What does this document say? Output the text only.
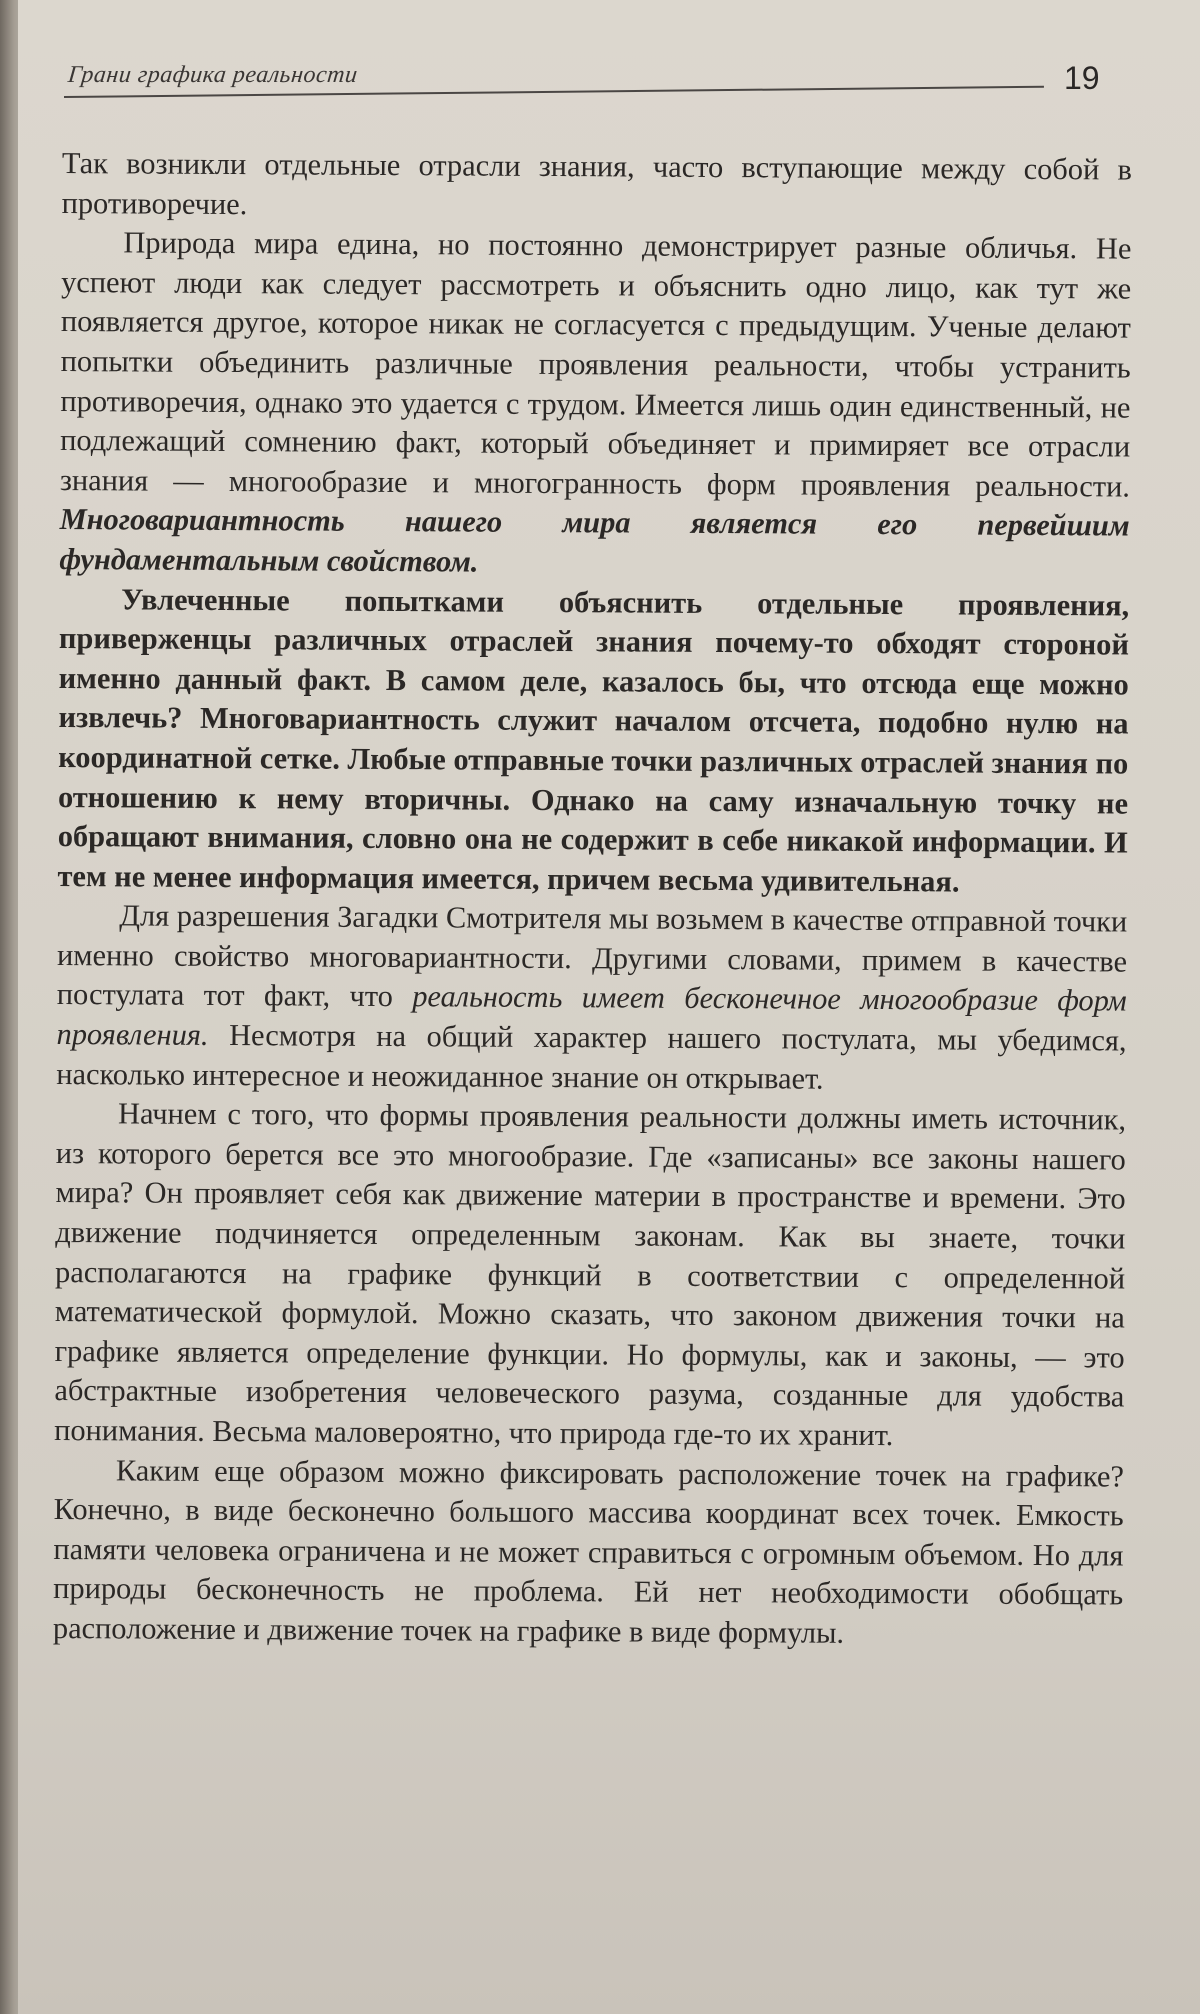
Грани графика реальности	19

Так возникли отдельные отрасли знания, часто вступающие между собой в противоречие.

Природа мира едина, но постоянно демонстрирует разные обличья. Не успеют люди как следует рассмотреть и объяснить одно лицо, как тут же появляется другое, которое никак не согласуется с предыдущим. Ученые делают попытки объединить различные проявления реальности, чтобы устранить противоречия, однако это удается с трудом. Имеется лишь один единственный, не подлежащий сомнению факт, который объединяет и примиряет все отрасли знания — многообразие и многогранность форм проявления реальности. Многовариантность нашего мира является его первейшим фундаментальным свойством.

Увлеченные попытками объяснить отдельные проявления, приверженцы различных отраслей знания почему-то обходят стороной именно данный факт. В самом деле, казалось бы, что отсюда еще можно извлечь? Многовариантность служит началом отсчета, подобно нулю на координатной сетке. Любые отправные точки различных отраслей знания по отношению к нему вторичны. Однако на саму изначальную точку не обращают внимания, словно она не содержит в себе никакой информации. И тем не менее информация имеется, причем весьма удивительная.

Для разрешения Загадки Смотрителя мы возьмем в качестве отправной точки именно свойство многовариантности. Другими словами, примем в качестве постулата тот факт, что реальность имеет бесконечное многообразие форм проявления. Несмотря на общий характер нашего постулата, мы убедимся, насколько интересное и неожиданное знание он открывает.

Начнем с того, что формы проявления реальности должны иметь источник, из которого берется все это многообразие. Где «записаны» все законы нашего мира? Он проявляет себя как движение материи в пространстве и времени. Это движение подчиняется определенным законам. Как вы знаете, точки располагаются на графике функций в соответствии с определенной математической формулой. Можно сказать, что законом движения точки на графике является определение функции. Но формулы, как и законы, — это абстрактные изобретения человеческого разума, созданные для удобства понимания. Весьма маловероятно, что природа где-то их хранит.

Каким еще образом можно фиксировать расположение точек на графике? Конечно, в виде бесконечно большого массива координат всех точек. Емкость памяти человека ограничена и не может справиться с огромным объемом. Но для природы бесконечность не проблема. Ей нет необходимости обобщать расположение и движение точек на графике в виде формулы.
